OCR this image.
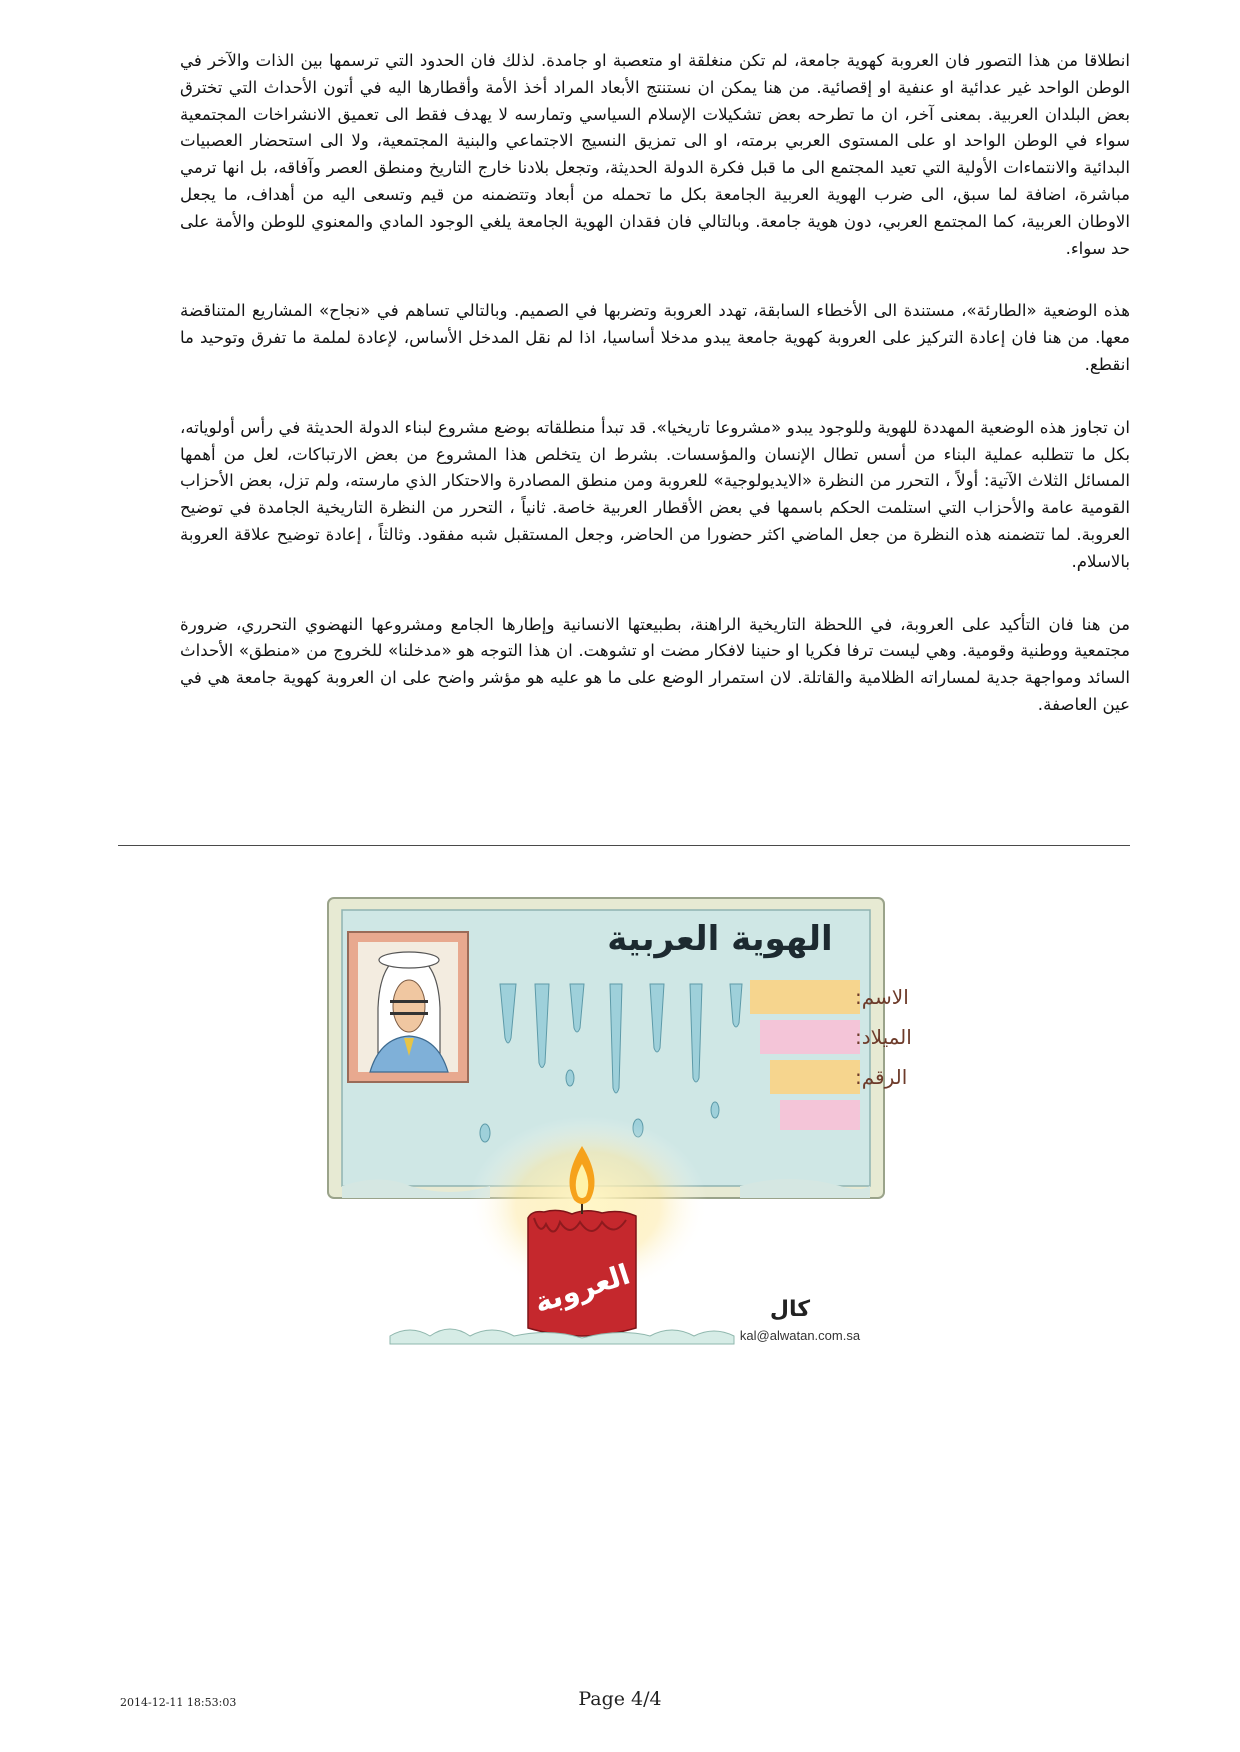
انطلاقا من هذا التصور فان العروبة كهوية جامعة، لم تكن منغلقة او متعصبة او جامدة. لذلك فان الحدود التي ترسمها بين الذات والآخر في الوطن الواحد غير عدائية او عنفية او إقصائية. من هنا يمكن ان نستنتج الأبعاد المراد أخذ الأمة وأقطارها اليه في أتون الأحداث التي تخترق بعض البلدان العربية. بمعنى آخر، ان ما تطرحه بعض تشكيلات الإسلام السياسي وتمارسه لا يهدف فقط الى تعميق الانشراخات المجتمعية سواء في الوطن الواحد او على المستوى العربي برمته، او الى تمزيق النسيج الاجتماعي والبنية المجتمعية، ولا الى استحضار العصبيات البدائية والانتماءات الأولية التي تعيد المجتمع الى ما قبل فكرة الدولة الحديثة، وتجعل بلادنا خارج التاريخ ومنطق العصر وآفاقه، بل انها ترمي مباشرة، اضافة لما سبق، الى ضرب الهوية العربية الجامعة بكل ما تحمله من أبعاد وتتضمنه من قيم وتسعى اليه من أهداف، ما يجعل الاوطان العربية، كما المجتمع العربي، دون هوية جامعة. وبالتالي فان فقدان الهوية الجامعة يلغي الوجود المادي والمعنوي للوطن والأمة على حد سواء.

هذه الوضعية «الطارئة»، مستندة الى الأخطاء السابقة، تهدد العروبة وتضربها في الصميم. وبالتالي تساهم في «نجاح» المشاريع المتناقضة معها. من هنا فان إعادة التركيز على العروبة كهوية جامعة يبدو مدخلا أساسيا، اذا لم نقل المدخل الأساس، لإعادة لملمة ما تفرق وتوحيد ما انقطع.

ان تجاوز هذه الوضعية المهددة للهوية وللوجود يبدو «مشروعا تاريخيا». قد تبدأ منطلقاته بوضع مشروع لبناء الدولة الحديثة في رأس أولوياته، بكل ما تتطلبه عملية البناء من أسس تطال الإنسان والمؤسسات. بشرط ان يتخلص هذا المشروع من بعض الارتباكات، لعل من أهمها المسائل الثلاث الآتية: أولاً ، التحرر من النظرة «الايديولوجية» للعروبة ومن منطق المصادرة والاحتكار الذي مارسته، ولم تزل، بعض الأحزاب القومية عامة والأحزاب التي استلمت الحكم باسمها في بعض الأقطار العربية خاصة. ثانياً ، التحرر من النظرة التاريخية الجامدة في توضيح العروبة. لما تتضمنه هذه النظرة من جعل الماضي اكثر حضورا من الحاضر، وجعل المستقبل شبه مفقود. وثالثاً ، إعادة توضيح علاقة العروبة بالاسلام.

من هنا فان التأكيد على العروبة، في اللحظة التاريخية الراهنة، بطبيعتها الانسانية وإطارها الجامع ومشروعها النهضوي التحرري، ضرورة مجتمعية ووطنية وقومية. وهي ليست ترفا فكريا او حنينا لافكار مضت او تشوهت. ان هذا التوجه هو «مدخلنا» للخروج من «منطق» الأحداث السائد ومواجهة جدية لمساراته الظلامية والقاتلة. لان استمرار الوضع على ما هو عليه هو مؤشر واضح على ان العروبة كهوية جامعة هي في عين العاصفة.

الهوية العربية
الاسم:
الميلاد:
الرقم:
العروبة	كال
kal@alwatan.com.sa
2014-12-11 18:53:03	Page 4/4
